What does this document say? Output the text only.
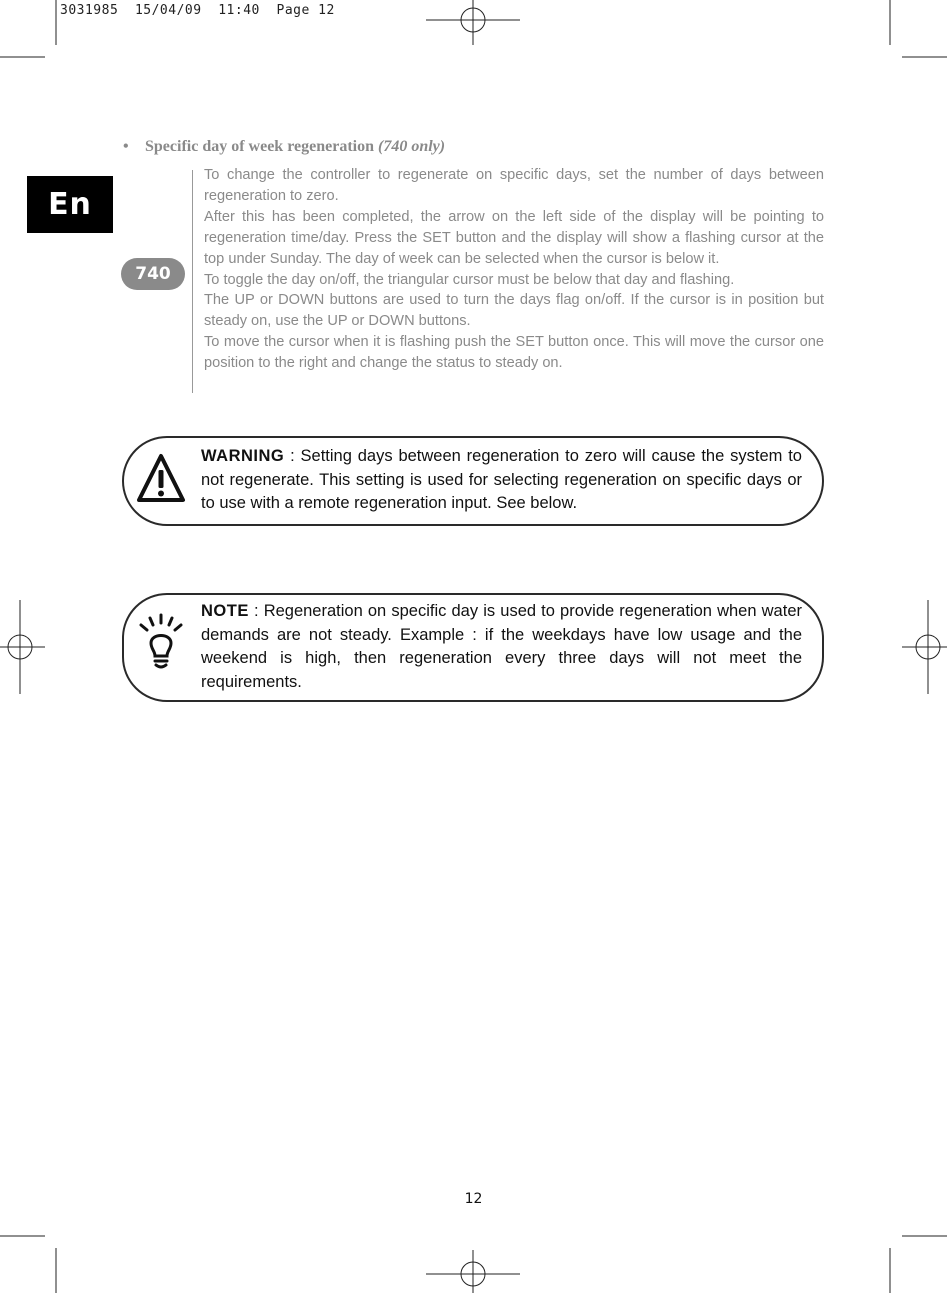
3031985 15/04/09 11:40 Page 12
En
• Specific day of week regeneration (740 only)
740

To change the controller to regenerate on specific days, set the number of days between regeneration to zero.

After this has been completed, the arrow on the left side of the display will be pointing to regeneration time/day. Press the SET button and the display will show a flashing cursor at the top under Sunday. The day of week can be selected when the cursor is below it.

To toggle the day on/off, the triangular cursor must be below that day and flashing.

The UP or DOWN buttons are used to turn the days flag on/off. If the cursor is in position but steady on, use the UP or DOWN buttons.

To move the cursor when it is flashing push the SET button once. This will move the cursor one position to the right and change the status to steady on.

WARNING : Setting days between regeneration to zero will cause the system to not regenerate. This setting is used for selecting regeneration on specific days or to use with a remote regeneration input. See below.
NOTE : Regeneration on specific day is used to provide regeneration when water demands are not steady. Example : if the weekdays have low usage and the weekend is high, then regeneration every three days will not meet the requirements.
12
